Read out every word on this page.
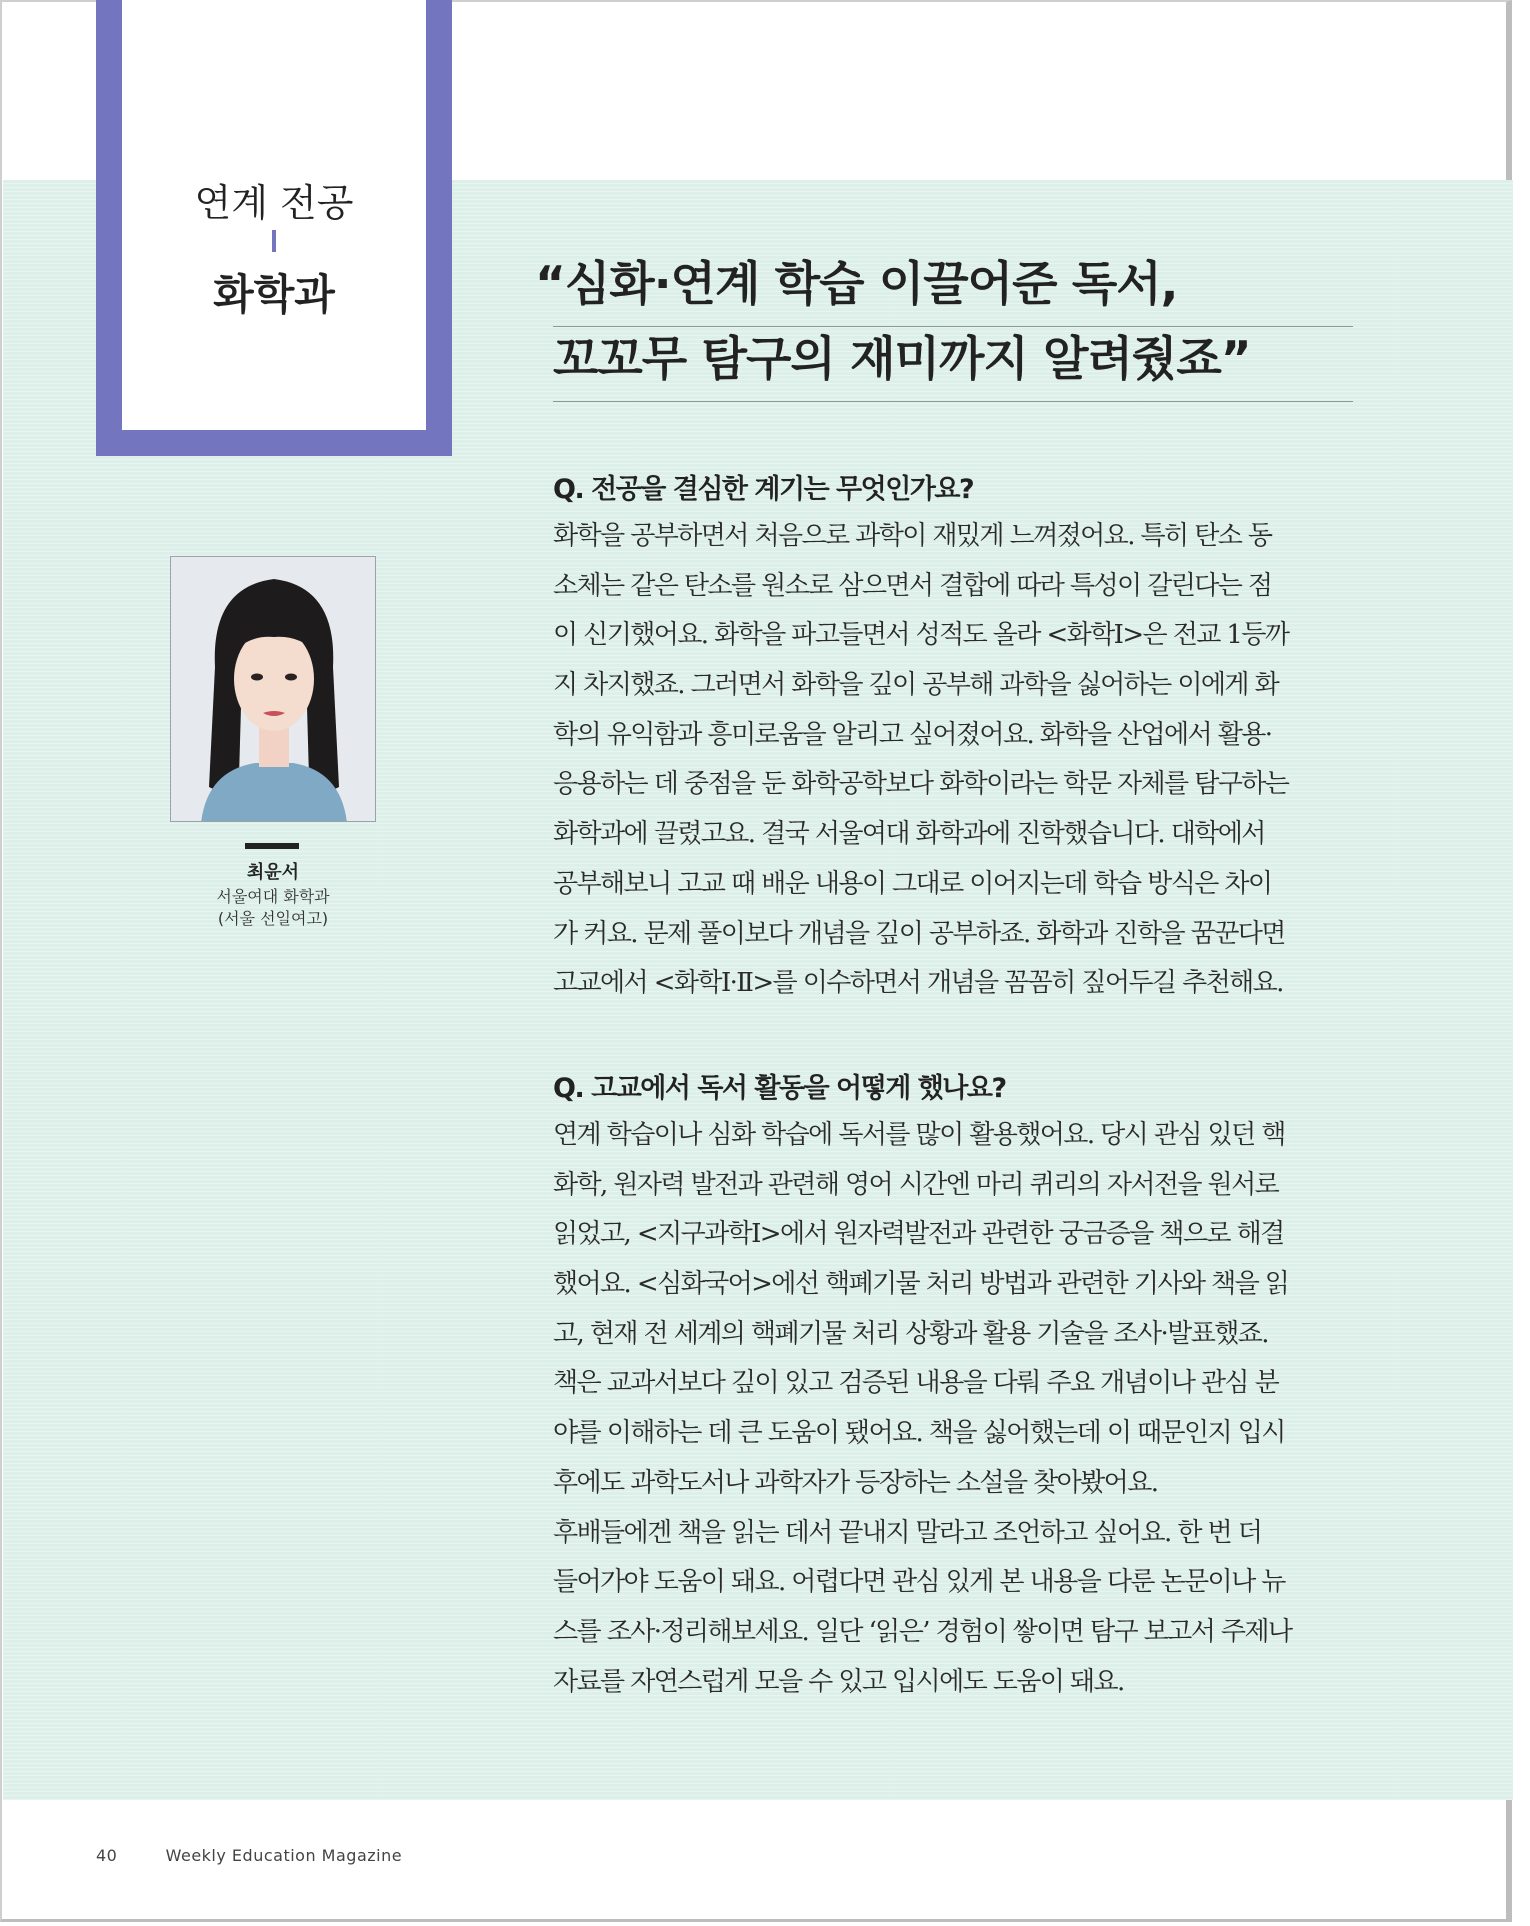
연계 전공
화학과	“심화·연계 학습 이끌어준 독서,
꼬꼬무 탐구의 재미까지 알려줬죠”
최윤서
서울여대 화학과
(서울 선일여고)
Q. 전공을 결심한 계기는 무엇인가요?
화학을 공부하면서 처음으로 과학이 재밌게 느껴졌어요. 특히 탄소 동
소체는 같은 탄소를 원소로 삼으면서 결합에 따라 특성이 갈린다는 점
이 신기했어요. 화학을 파고들면서 성적도 올라 <화학Ⅰ>은 전교 1등까
지 차지했죠. 그러면서 화학을 깊이 공부해 과학을 싫어하는 이에게 화
학의 유익함과 흥미로움을 알리고 싶어졌어요. 화학을 산업에서 활용·
응용하는 데 중점을 둔 화학공학보다 화학이라는 학문 자체를 탐구하는
화학과에 끌렸고요. 결국 서울여대 화학과에 진학했습니다. 대학에서
공부해보니 고교 때 배운 내용이 그대로 이어지는데 학습 방식은 차이
가 커요. 문제 풀이보다 개념을 깊이 공부하죠. 화학과 진학을 꿈꾼다면
고교에서 <화학Ⅰ·Ⅱ>를 이수하면서 개념을 꼼꼼히 짚어두길 추천해요.
Q. 고교에서 독서 활동을 어떻게 했나요?
연계 학습이나 심화 학습에 독서를 많이 활용했어요. 당시 관심 있던 핵
화학, 원자력 발전과 관련해 영어 시간엔 마리 퀴리의 자서전을 원서로
읽었고, <지구과학Ⅰ>에서 원자력발전과 관련한 궁금증을 책으로 해결
했어요. <심화국어>에선 핵폐기물 처리 방법과 관련한 기사와 책을 읽
고, 현재 전 세계의 핵폐기물 처리 상황과 활용 기술을 조사·발표했죠.
책은 교과서보다 깊이 있고 검증된 내용을 다뤄 주요 개념이나 관심 분
야를 이해하는 데 큰 도움이 됐어요. 책을 싫어했는데 이 때문인지 입시
후에도 과학도서나 과학자가 등장하는 소설을 찾아봤어요.
후배들에겐 책을 읽는 데서 끝내지 말라고 조언하고 싶어요. 한 번 더
들어가야 도움이 돼요. 어렵다면 관심 있게 본 내용을 다룬 논문이나 뉴
스를 조사·정리해보세요. 일단 ‘읽은’ 경험이 쌓이면 탐구 보고서 주제나
자료를 자연스럽게 모을 수 있고 입시에도 도움이 돼요.
40	Weekly Education Magazine
